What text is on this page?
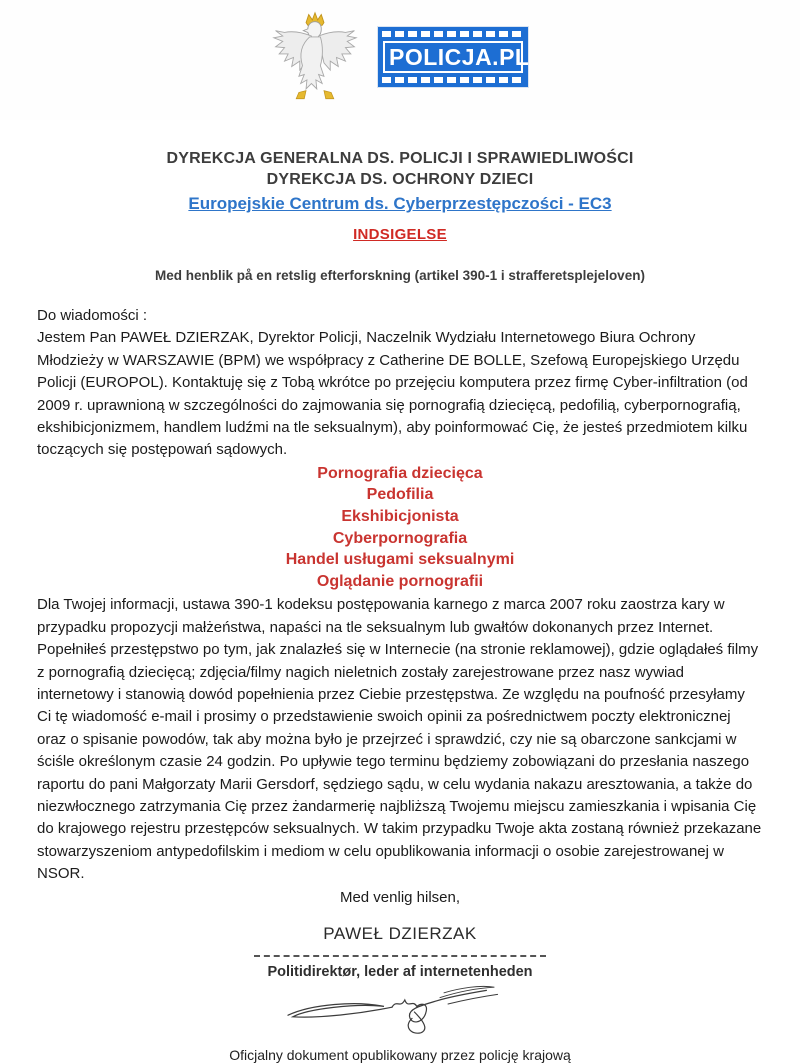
POLICJA.PL
DYREKCJA GENERALNA DS. POLICJI I SPRAWIEDLIWOŚCI
DYREKCJA DS. OCHRONY DZIECI
Europejskie Centrum ds. Cyberprzestępczości - EC3
INDSIGELSE
Med henblik på en retslig efterforskning (artikel 390-1 i strafferetsplejeloven)
Do wiadomości :
Jestem Pan PAWEŁ DZIERZAK, Dyrektor Policji, Naczelnik Wydziału Internetowego Biura Ochrony Młodzieży w WARSZAWIE (BPM) we współpracy z Catherine DE BOLLE, Szefową Europejskiego Urzędu Policji (EUROPOL). Kontaktuję się z Tobą wkrótce po przejęciu komputera przez firmę Cyber-infiltration (od 2009 r. uprawnioną w szczególności do zajmowania się pornografią dziecięcą, pedofilią, cyberpornografią, ekshibicjonizmem, handlem ludźmi na tle seksualnym), aby poinformować Cię, że jesteś przedmiotem kilku toczących się postępowań sądowych.
Pornografia dziecięca
Pedofilia
Ekshibicjonista
Cyberpornografia
Handel usługami seksualnymi
Oglądanie pornografii
Dla Twojej informacji, ustawa 390-1 kodeksu postępowania karnego z marca 2007 roku zaostrza kary w przypadku propozycji małżeństwa, napaści na tle seksualnym lub gwałtów dokonanych przez Internet. Popełniłeś przestępstwo po tym, jak znalazłeś się w Internecie (na stronie reklamowej), gdzie oglądałeś filmy z pornografią dziecięcą; zdjęcia/filmy nagich nieletnich zostały zarejestrowane przez nasz wywiad internetowy i stanowią dowód popełnienia przez Ciebie przestępstwa. Ze względu na poufność przesyłamy Ci tę wiadomość e-mail i prosimy o przedstawienie swoich opinii za pośrednictwem poczty elektronicznej oraz o spisanie powodów, tak aby można było je przejrzeć i sprawdzić, czy nie są obarczone sankcjami w ściśle określonym czasie 24 godzin. Po upływie tego terminu będziemy zobowiązani do przesłania naszego raportu do pani Małgorzaty Marii Gersdorf, sędziego sądu, w celu wydania nakazu aresztowania, a także do niezwłocznego zatrzymania Cię przez żandarmerię najbliższą Twojemu miejscu zamieszkania i wpisania Cię do krajowego rejestru przestępców seksualnych. W takim przypadku Twoje akta zostaną również przekazane stowarzyszeniom antypedofilskim i mediom w celu opublikowania informacji o osobie zarejestrowanej w NSOR.
Med venlig hilsen,
PAWEŁ DZIERZAK
Politidirektør, leder af internetenheden
Oficjalny dokument opublikowany przez policję krajową
